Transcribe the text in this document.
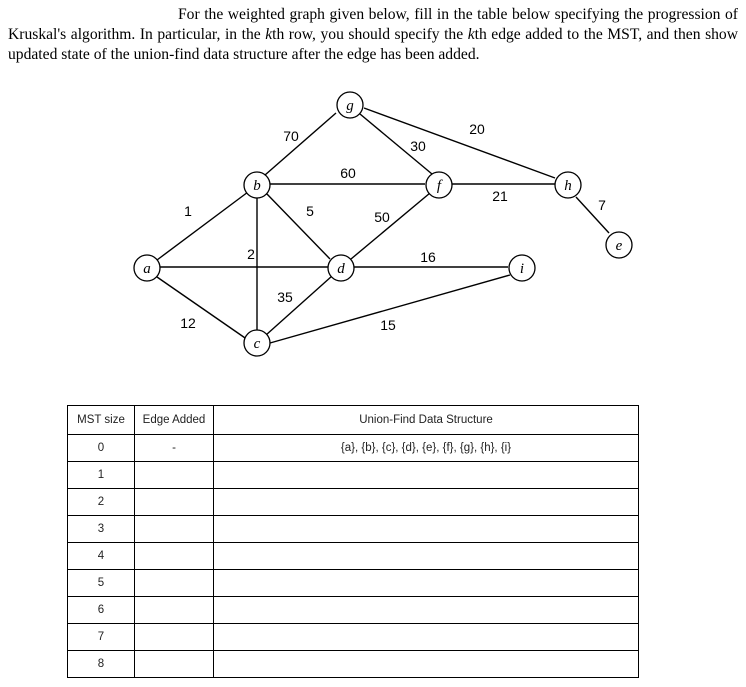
For the weighted graph given below, fill in the table below specifying the progression of Kruskal's algorithm. In particular, in the kth row, you should specify the kth edge added to the MST, and then show updated state of the union-find data structure after the edge has been added.
a
b
c
d
e
f
g
h
i
1
2
5	7
12
16
15
20
21
30
35
50
60
70
MST size	Edge Added	Union-Find Data Structure
0	-	{a}, {b}, {c}, {d}, {e}, {f}, {g}, {h}, {i}
1		
2		
3		
4		
5		
6		
7		
8		
